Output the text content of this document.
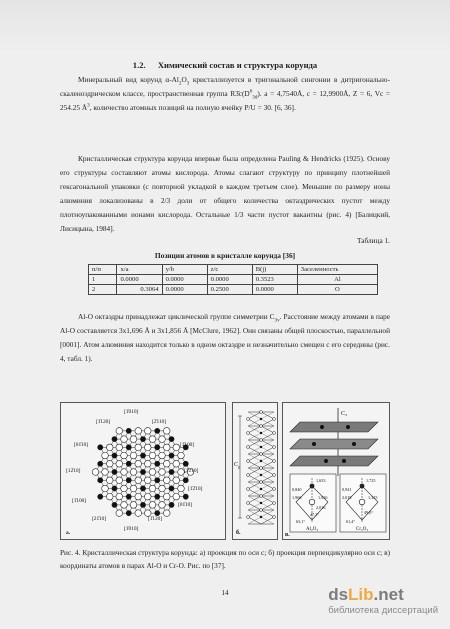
1.2. Химический состав и структура корунда

Минеральный вид корунд $\alpha-Al_2O_3$ кристаллизуется в тригональной сингонии в дитригонально-скаленоэдрическом классе, пространственная группа $R3̄c(D^6_{3d})$. a = 4,7540Å, c = 12,9900Å, Z = 6, Vc = 254.25 $Å^3$, количество атомных позиций на полную ячейку P/U = 30. [6, 36].

Кристаллическая структура корунда впервые была определена Pauling & Hendricks (1925). Основу его структуры составляют атомы кислорода. Атомы слагают структуру по принципу плотнейшей гексагональной упаковки (с повторной укладкой в каждом третьем слое). Меньшие по размеру ионы алюминия локализованы в 2/3 доли от общего количества октаэдрических пустот между плотноупакованными ионами кислорода. Остальные 1/3 части пустот вакантны (рис. 4) [Балицкий, Лисицына, 1984].

Таблица 1.
Позиции атомов в кристалле корунда [36]
п/п	x/a	y/b	z/c	B(j)	Заселенность
1	0.0000	0.0000	0.0000	0.3523	Al
2	0.3064	0.0000	0.2500	0.0000	O

Al-O октаэдры принадлежат циклической группе симметрии $C_{3v}$. Расстояние между атомами в паре Al-O составляется 3x1,696 Å и 3x1,856 Å [McClure, 1962]. Они связаны общей плоскостью, параллельной [0001]. Атом алюминия находится только в одном октаэдре и незначительно смещен с его середины (рис. 4, табл. 1).

[1̄010]
[1̄120]	[2̄110]
[01̄10]	[1̄100]
[12̄10]	[1̄2̄10]
[1̄2̄10]
[1̄100]
[01̄10]
[21̄10]	[1̄120]
[1̄010]
а.
C 0
б.
C₃
1,653
0,840
1,966	1,926
2,016
47,3°
63,1°
1,725
0,941
2,018	1,325
49,0°
61,4°
Al₂O₃	Cr₂O₃
в.

Рис. 4. Кристаллическая структура корунда: а) проекция по оси с; б) проекция перпендикулярно оси с; в) координаты атомов в парах Al-O и Cr-O. Рис. по [37].

14	dsLib.net
библиотека диссертаций
